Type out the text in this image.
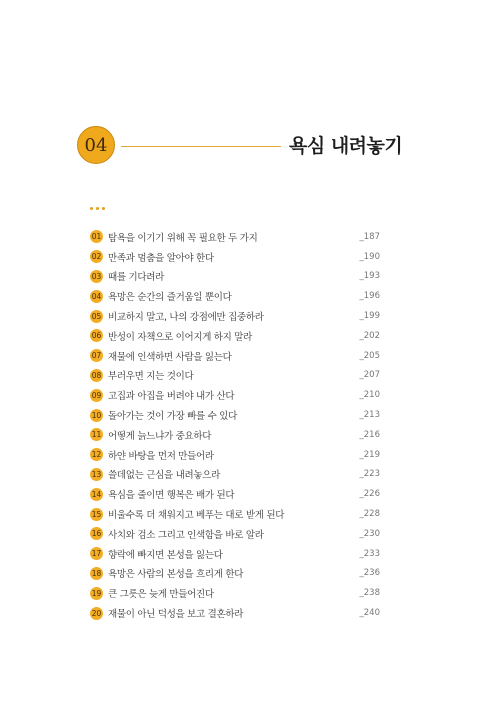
04	욕심 내려놓기
01 탐욕을 이기기 위해 꼭 필요한 두 가지	_187
02 만족과 멈춤을 알아야 한다	_190
03 때를 기다려라	_193
04 욕망은 순간의 즐거움일 뿐이다	_196
05 비교하지 말고, 나의 강점에만 집중하라	_199
06 반성이 자책으로 이어지게 하지 말라	_202
07 재물에 인색하면 사람을 잃는다	_205
08 부러우면 지는 것이다	_207
09 고집과 아집을 버려야 내가 산다	_210
10 돌아가는 것이 가장 빠를 수 있다	_213
11 어떻게 늙느냐가 중요하다	_216
12 하얀 바탕을 먼저 만들어라	_219
13 쓸데없는 근심을 내려놓으라	_223
14 욕심을 줄이면 행복은 배가 된다	_226
15 비울수록 더 채워지고 베푸는 대로 받게 된다	_228
16 사치와 검소 그리고 인색함을 바로 알라	_230
17 향락에 빠지면 본성을 잃는다	_233
18 욕망은 사람의 본성을 흐리게 한다	_236
19 큰 그릇은 늦게 만들어진다	_238
20 재물이 아닌 덕성을 보고 결혼하라	_240
